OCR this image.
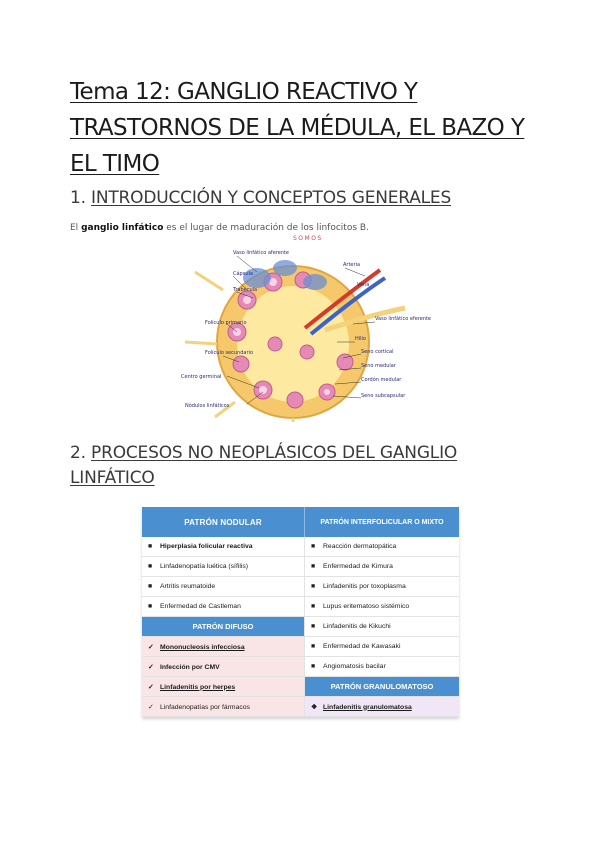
Tema 12: GANGLIO REACTIVO Y TRASTORNOS DE LA MÉDULA, EL BAZO Y EL TIMO
1. INTRODUCCIÓN Y CONCEPTOS GENERALES

El ganglio linfático es el lugar de maduración de los linfocitos B.

SOMOS
Vaso linfático aferente
Cápsula
Trabécula
Arteria
Vena
Vaso linfático eferente
Folículo primario
Folículo secundario
Centro germinal
Hilio
Seno cortical
Seno medular
Cordón medular
Nódulos linfáticos
Seno subcapsular
2. PROCESOS NO NEOPLÁSICOS DEL GANGLIO LINFÁTICO
PATRÓN NODULAR	PATRÓN INTERFOLICULAR O MIXTO
■ Hiperplasia folicular reactiva	■ Reacción dermatopática
■ Linfadenopatía luética (sífilis)	■ Enfermedad de Kimura
■ Artritis reumatoide	■ Linfadenitis por toxoplasma
■ Enfermedad de Castleman	■ Lupus eritematoso sistémico
PATRÓN DIFUSO	■ Linfadenitis de Kikuchi
✓ Mononucleosis infecciosa	■ Enfermedad de Kawasaki
✓ Infección por CMV	■ Angiomatosis bacilar
✓ Linfadenitis por herpes	PATRÓN GRANULOMATOSO
✓ Linfadenopatías por fármacos	❖ Linfadenitis granulomatosa
